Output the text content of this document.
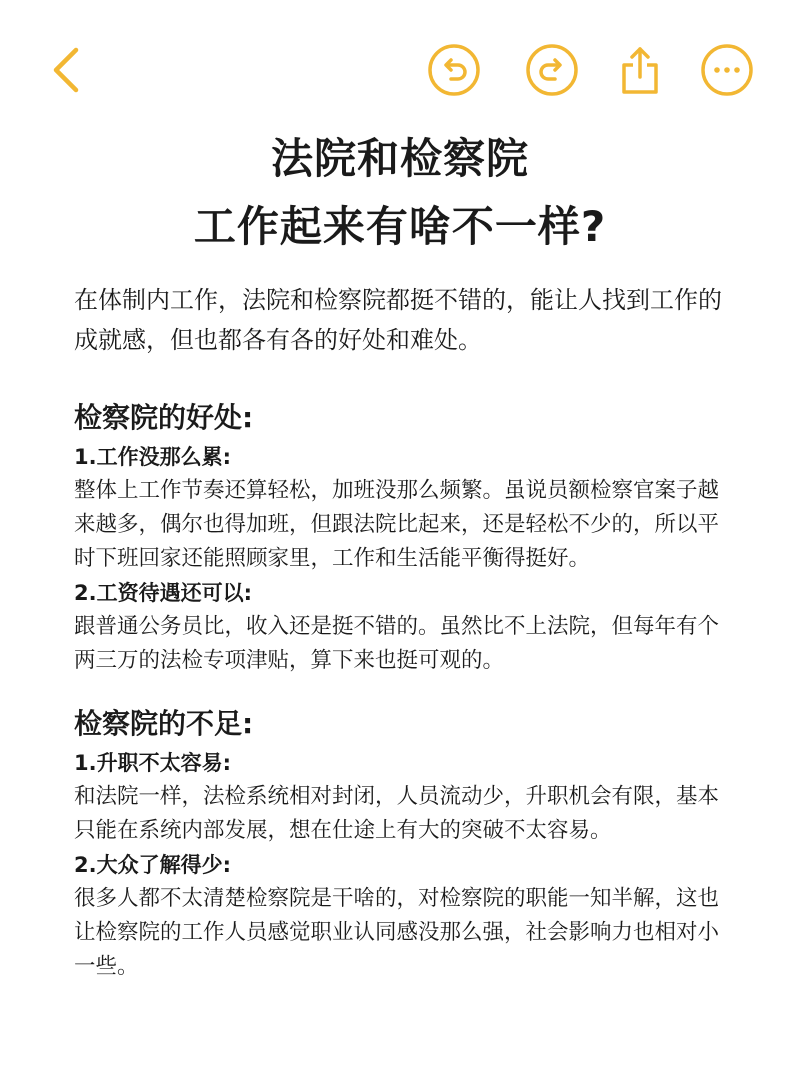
法院和检察院
工作起来有啥不一样?

在体制内工作，法院和检察院都挺不错的，能让人找到工作的成就感，但也都各有各的好处和难处。

检察院的好处:

1.工作没那么累:

整体上工作节奏还算轻松，加班没那么频繁。虽说员额检察官案子越来越多，偶尔也得加班，但跟法院比起来，还是轻松不少的，所以平时下班回家还能照顾家里，工作和生活能平衡得挺好。

2.工资待遇还可以:

跟普通公务员比，收入还是挺不错的。虽然比不上法院，但每年有个两三万的法检专项津贴，算下来也挺可观的。

检察院的不足:

1.升职不太容易:

和法院一样，法检系统相对封闭，人员流动少，升职机会有限，基本只能在系统内部发展，想在仕途上有大的突破不太容易。

2.大众了解得少:

很多人都不太清楚检察院是干啥的，对检察院的职能一知半解，这也让检察院的工作人员感觉职业认同感没那么强，社会影响力也相对小一些。
